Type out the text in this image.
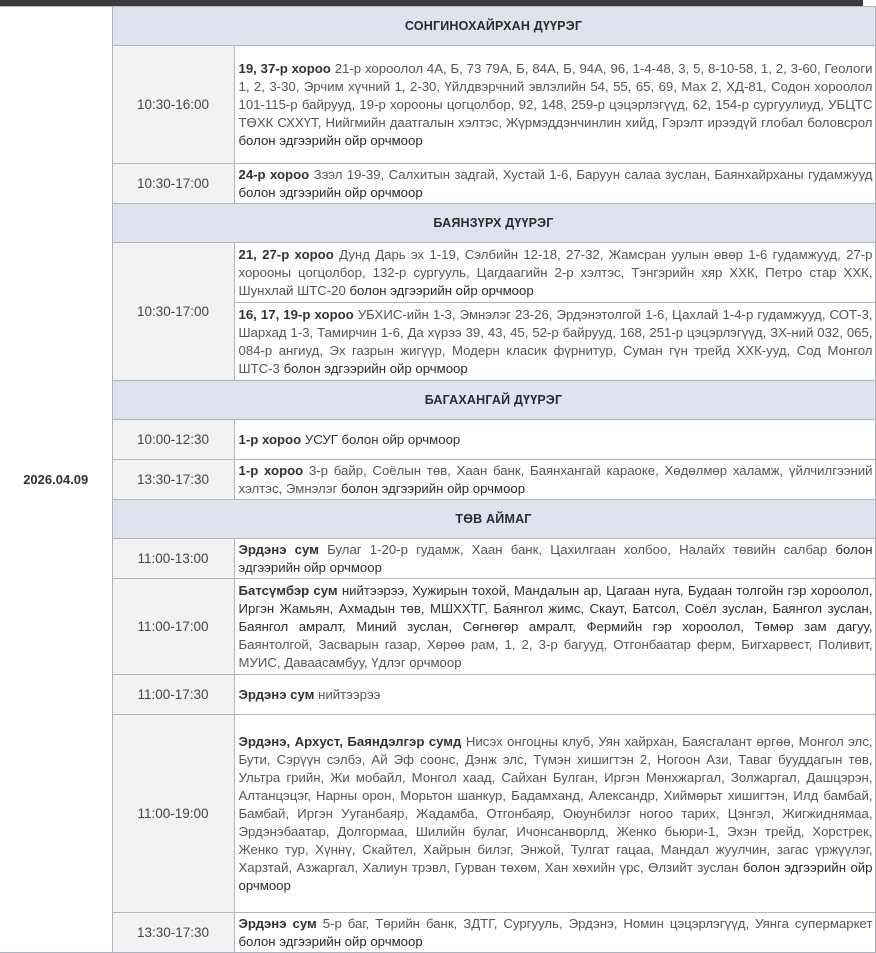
2026.04.09	СОНГИНОХАЙРХАН ДҮҮРЭГ	
	10:30-16:00	19, 37-р хороо 21-р хороолол 4А, Б, 73 79А, Б, 84А, Б, 94А, 96, 1-4-48, 3, 5, 8-10-58, 1, 2, 3-60, Геологи 1, 2, 3-30, Эрчим хүчний 1, 2-30, Үйлдвэрчний эвлэлийн 54, 55, 65, 69, Мах 2, ХД-81, Содон хороолол 101-115-р байрууд, 19-р хорооны цогцолбор, 92, 148, 259-р цэцэрлэгүүд, 62, 154-р сургуулиуд, УБЦТС ТӨХК СХХҮТ, Нийгмийн даатгалын хэлтэс, Жүрмэддэнчинлин хийд, Гэрэлт ирээдүй глобал боловсрол болон эдгээрийн ойр орчмоор
	10:30-17:00	24-р хороо Зээл 19-39, Салхитын задгай, Хустай 1-6, Баруун салаа зуслан, Баянхайрханы гудамжууд болон эдгээрийн ойр орчмоор
	БАЯНЗҮРХ ДҮҮРЭГ	
	10:30-17:00	21, 27-р хороо Дунд Дарь эх 1-19, Сэлбийн 12-18, 27-32, Жамсран уулын өвөр 1-6 гудамжууд, 27-р хорооны цогцолбор, 132-р сургууль, Цагдаагийн 2-р хэлтэс, Тэнгэрийн хяр ХХК, Петро стар ХХК, Шунхлай ШТС-20 болон эдгээрийн ойр орчмоор
		16, 17, 19-р хороо УБХИС-ийн 1-3, Эмнэлэг 23-26, Эрдэнэтолгой 1-6, Цахлай 1-4-р гудамжууд, СОТ-3, Шархад 1-3, Тамирчин 1-6, Да хүрээ 39, 43, 45, 52-р байрууд, 168, 251-р цэцэрлэгүүд, ЗХ-ний 032, 065, 084-р ангиуд, Эх газрын жигүүр, Модерн класик фүрнитур, Суман гүн трейд ХХК-ууд, Сод Монгол ШТС-3 болон эдгээрийн ойр орчмоор
	БАГАХАНГАЙ ДҮҮРЭГ	
	10:00-12:30	1-р хороо УСУГ болон ойр орчмоор
	13:30-17:30	1-р хороо 3-р байр, Соёлын төв, Хаан банк, Баянхангай караоке, Хөдөлмөр халамж, үйлчилгээний хэлтэс, Эмнэлэг болон эдгээрийн ойр орчмоор
	ТӨВ АЙМАГ	
	11:00-13:00	Эрдэнэ сум Булаг 1-20-р гудамж, Хаан банк, Цахилгаан холбоо, Налайх төвийн салбар болон эдгээрийн ойр орчмоор
	11:00-17:00	Батсүмбэр сум нийтээрээ, Хужирын тохой, Мандалын ар, Цагаан нуга, Будаан толгойн гэр хороолол, Иргэн Жамьян, Ахмадын төв, МШХХТГ, Баянгол жимс, Скаут, Батсол, Соёл зуслан, Баянгол зуслан, Баянгол амралт, Миний зуслан, Сөгнөгөр амралт, Фермийн гэр хороолол, Төмөр зам дагуу, Баянтолгой, Засварын газар, Хөрөө рам, 1, 2, 3-р багууд, Отгонбаатар ферм, Бигхарвест, Поливит, МУИС, Даваасамбуу, Үдлэг орчмоор
	11:00-17:30	Эрдэнэ сум нийтээрээ
	11:00-19:00	Эрдэнэ, Архуст, Баяндэлгэр сумд Нисэх онгоцны клуб, Уян хайрхан, Баясгалант өргөө, Монгол элс, Бути, Сэрүүн сэлбэ, Ай Эф соонс, Дэнж элс, Түмэн хишигтэн 2, Ногоон Ази, Таваг бууддагын төв, Ультра грийн, Жи мобайл, Монгол хаад, Сайхан Булган, Иргэн Мөнхжаргал, Золжаргал, Дашцэрэн, Алтанцэцэг, Нарны орон, Морьтон шанкур, Бадамханд, Александр, Хиймөрьт хишигтэн, Илд бамбай, Бамбай, Иргэн Ууганбаяр, Жадамба, Отгонбаяр, Оюунбилэг ногоо тарих, Цэнгэл, Жигжиднямаа, Эрдэнэбаатар, Долгормаа, Шилийн булаг, Ичонсанворлд, Женко бьюри-1, Эхэн трейд, Хорстрек, Женко тур, Хүннү, Скайтел, Хайрын билэг, Энжой, Тулгат гацаа, Мандал жуулчин, загас үржүүлэг, Харзтай, Азжаргал, Халиун трэвл, Гурван төхөм, Хан хөхийн үрс, Өлзийт зуслан болон эдгээрийн ойр орчмоор
	13:30-17:30	Эрдэнэ сум 5-р баг, Төрийн банк, ЗДТГ, Сургууль, Эрдэнэ, Номин цэцэрлэгүүд, Уянга супермаркет болон эдгээрийн ойр орчмоор
